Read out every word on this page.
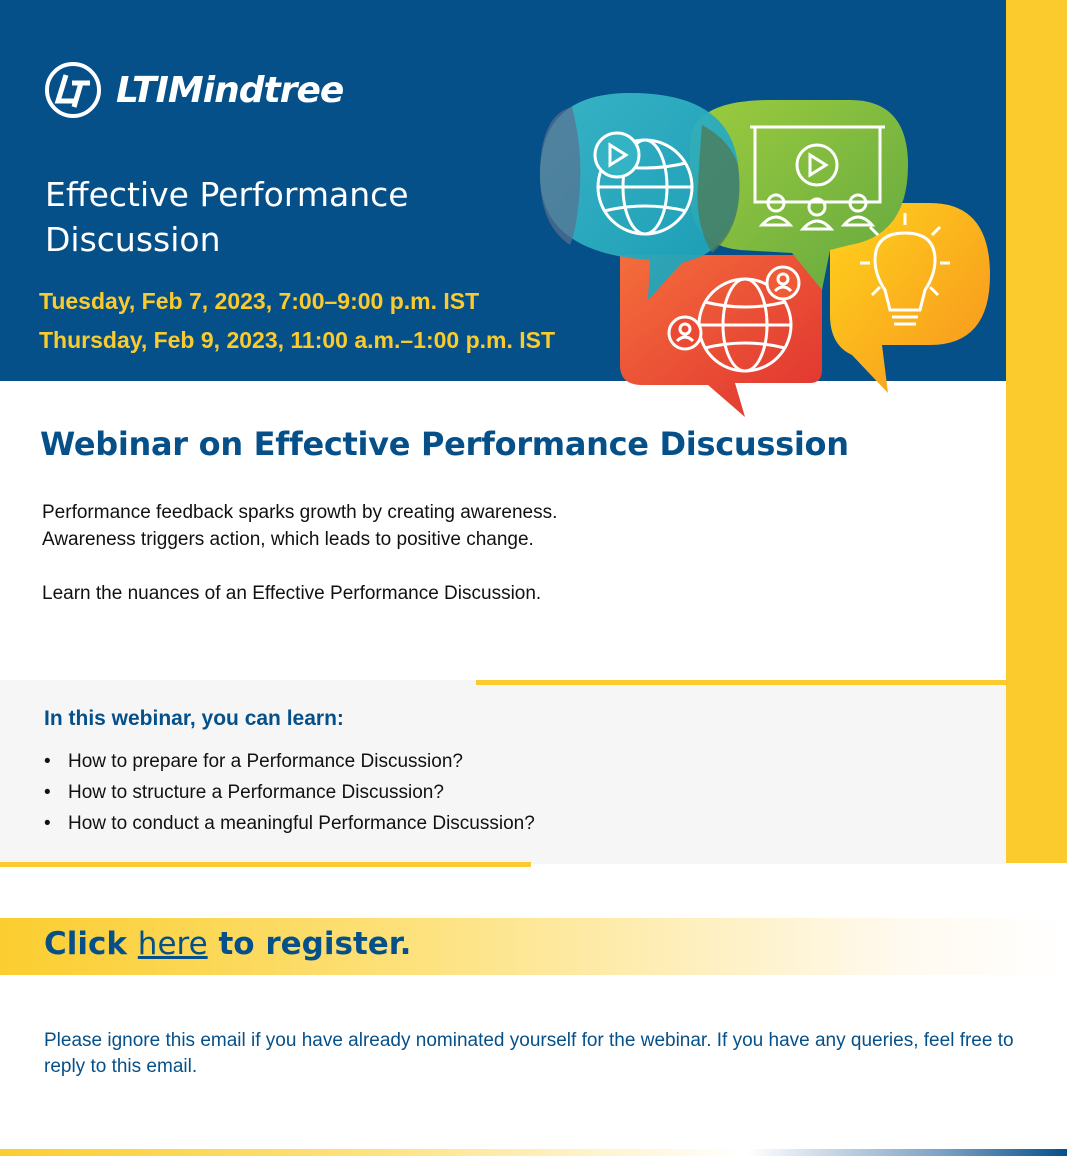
LTIMindtree
Effective Performance
Discussion
Tuesday, Feb 7, 2023, 7:00–9:00 p.m. IST
Thursday, Feb 9, 2023, 11:00 a.m.–1:00 p.m. IST
Webinar on Effective Performance Discussion

Performance feedback sparks growth by creating awareness.

Awareness triggers action, which leads to positive change.

Learn the nuances of an Effective Performance Discussion.

In this webinar, you can learn:
• How to prepare for a Performance Discussion?
• How to structure a Performance Discussion?
• How to conduct a meaningful Performance Discussion?
Click here to register.
Please ignore this email if you have already nominated yourself for the webinar. If you have any queries, feel free to reply to this email.
